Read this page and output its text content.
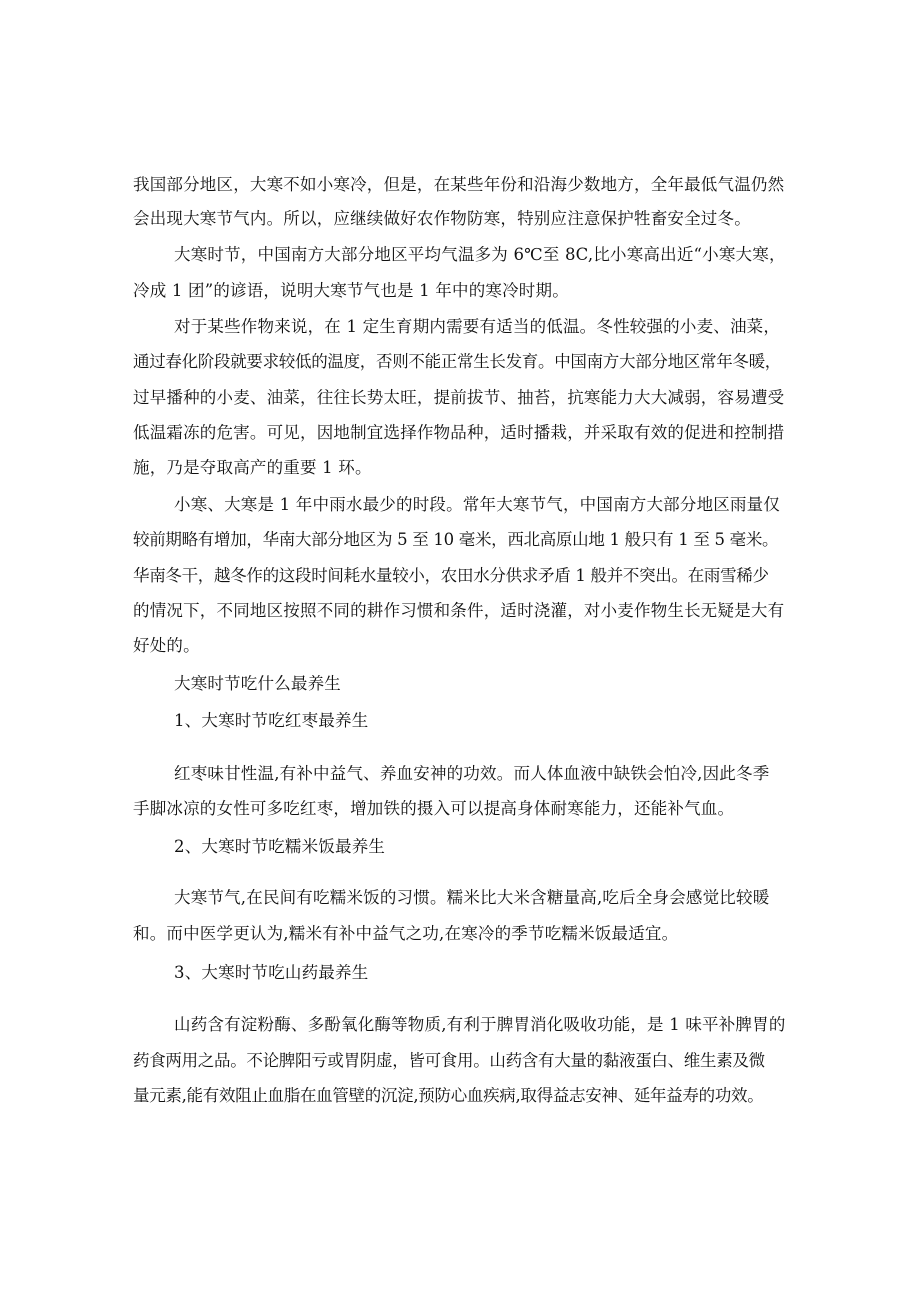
我国部分地区，大寒不如小寒冷，但是，在某些年份和沿海少数地方，全年最低气温仍然
会出现大寒节气内。所以，应继续做好农作物防寒，特别应注意保护牲畜安全过冬。
大寒时节，中国南方大部分地区平均气温多为 6℃至 8C,比小寒高出近“小寒大寒，
冷成 1 团”的谚语，说明大寒节气也是 1 年中的寒冷时期。
对于某些作物来说，在 1 定生育期内需要有适当的低温。冬性较强的小麦、油菜，
通过春化阶段就要求较低的温度，否则不能正常生长发育。中国南方大部分地区常年冬暖，
过早播种的小麦、油菜，往往长势太旺，提前拔节、抽苔，抗寒能力大大减弱，容易遭受
低温霜冻的危害。可见，因地制宜选择作物品种，适时播栽，并采取有效的促进和控制措
施，乃是夺取高产的重要 1 环。
小寒、大寒是 1 年中雨水最少的时段。常年大寒节气，中国南方大部分地区雨量仅
较前期略有增加，华南大部分地区为 5 至 10 毫米，西北高原山地 1 般只有 1 至 5 毫米。
华南冬干，越冬作的这段时间耗水量较小，农田水分供求矛盾 1 般并不突出。在雨雪稀少
的情况下，不同地区按照不同的耕作习惯和条件，适时浇灌，对小麦作物生长无疑是大有
好处的。
大寒时节吃什么最养生
1、大寒时节吃红枣最养生
红枣味甘性温,有补中益气、养血安神的功效。而人体血液中缺铁会怕冷,因此冬季
手脚冰凉的女性可多吃红枣，增加铁的摄入可以提高身体耐寒能力，还能补气血。
2、大寒时节吃糯米饭最养生
大寒节气,在民间有吃糯米饭的习惯。糯米比大米含糖量高,吃后全身会感觉比较暖
和。而中医学更认为,糯米有补中益气之功,在寒冷的季节吃糯米饭最适宜。
3、大寒时节吃山药最养生
山药含有淀粉酶、多酚氧化酶等物质,有利于脾胃消化吸收功能，是 1 味平补脾胃的
药食两用之品。不论脾阳亏或胃阴虚，皆可食用。山药含有大量的黏液蛋白、维生素及微
量元素,能有效阻止血脂在血管壁的沉淀,预防心血疾病,取得益志安神、延年益寿的功效。
